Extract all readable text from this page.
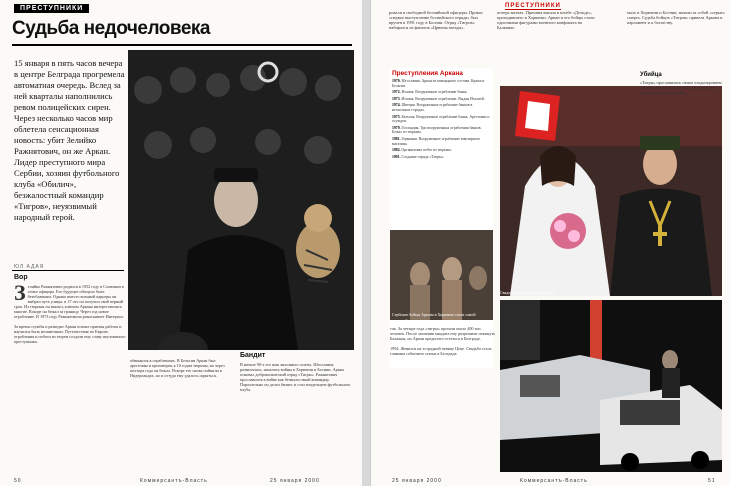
ПРЕСТУПНИКИ
Судьба недочеловека
15 января в пять часов вечера в центре Белграда прогремела автоматная очередь. Вслед за ней кварталы наполнились ревом полицейских сирен. Через несколько часов мир облетела сенсационная новость: убит Зелийко Ражнятович, он же Аркан. Лидер преступного мира Сербии, хозяин футбольного клуба «Обилич», безжалостный командир «Тигров», неуязвимый народный герой.
ЮЛ АДАЯ
Вор
З елийко Ражнятович родился в 1952 году в Словении в семье офицера. Его будущее обещало быть безоблачным. Однако вместо военной карьеры он выбрал путь улицы: в 17 лет он получил свой первый срок. Из тюрьмы он вышел, ключом Аркана интересовались многие. Вскоре он бежал за границу. Через год новое ограбление. В 1973 году Ражнятовича разыскивает Интерпол.

За время службы в разведке Аркан освоил приемы работы и научился быть незаметным. Путешествия по Европе, ограбления и побеги из тюрем создали ему славу неуловимого преступника.
обвинялся в ограблениях. В Бельгии Аркан был арестован и приговорен к 10 годам тюрьмы, но через полтора года он бежал. Вскоре его снова поймали в Нидерландах, но и оттуда ему удалось скрыться.
Бандит
В начале 90-х его имя заполнило газеты. Югославия развалилась, начались войны в Хорватии и Боснии. Аркан основал добровольческий отряд «Тигры». Ражнятович прославился в войне как безжалостный командир. Параллельно он делал бизнес и стал владельцем футбольного клуба.
50	Коммерсантъ-Власть	25 января 2000
ровали в свободной боснийской офицеры. Приказ «первое выступление боснийского отряда» был вручен в 1991 году в Боснии. Отряд «Тигров» набирался из фанатов «Црвены звезды».
потерь матчах. Причина вышла в штабе «Делиде», проходившего в Хорватии. Аркан и его бойцы стали одиозными фигурами военного конфликта на Балканах.
мало в Хорватии и Боснии, начали за собой «серые» смерть. Судьба бойцов «Тигров» привела Аркана в парламент и к богатству.
ПРЕСТУПНИКИ
Преступления Аркана
1970. Югославия. Аркан из командного состава. Кража в Бельгии.
1972. Италия. Вооруженное ограбление банка.
1973. Италия. Вооруженное ограбление. Выдан Италией.
1974. Швеция. Вооруженное ограбление банков в нескольких городах.
1975. Бельгия. Вооруженное ограбление банка. Арестован и осужден.
1979. Голландия. Три вооруженных ограбления банков. Бежал из тюрьмы.
1981. Германия. Вооруженное ограбление ювелирного магазина.
1982. Организовал побег из тюрьмы.
1991. Создание отряда «Тигры».
Сербские бойцы Аркана в Хорватии стали самой кровавой
так. За четыре года «тигры» прошли около 400 тыс. человек. После лишения мандата ему разрешили покинуть Балканы, но Аркан предпочел остаться в Белграде.

1994. Женился на эстрадной певице Цеце. Свадьба стала главным событием сезона в Белграде.
Свадьба Аркана и певицы Цецы
Убийца
«Тигры» прославились своим хладнокровием и безжалостностью. Методы их похожи на «работу» наемных убийц.
25 января 2000	Коммерсантъ-Власть	51
